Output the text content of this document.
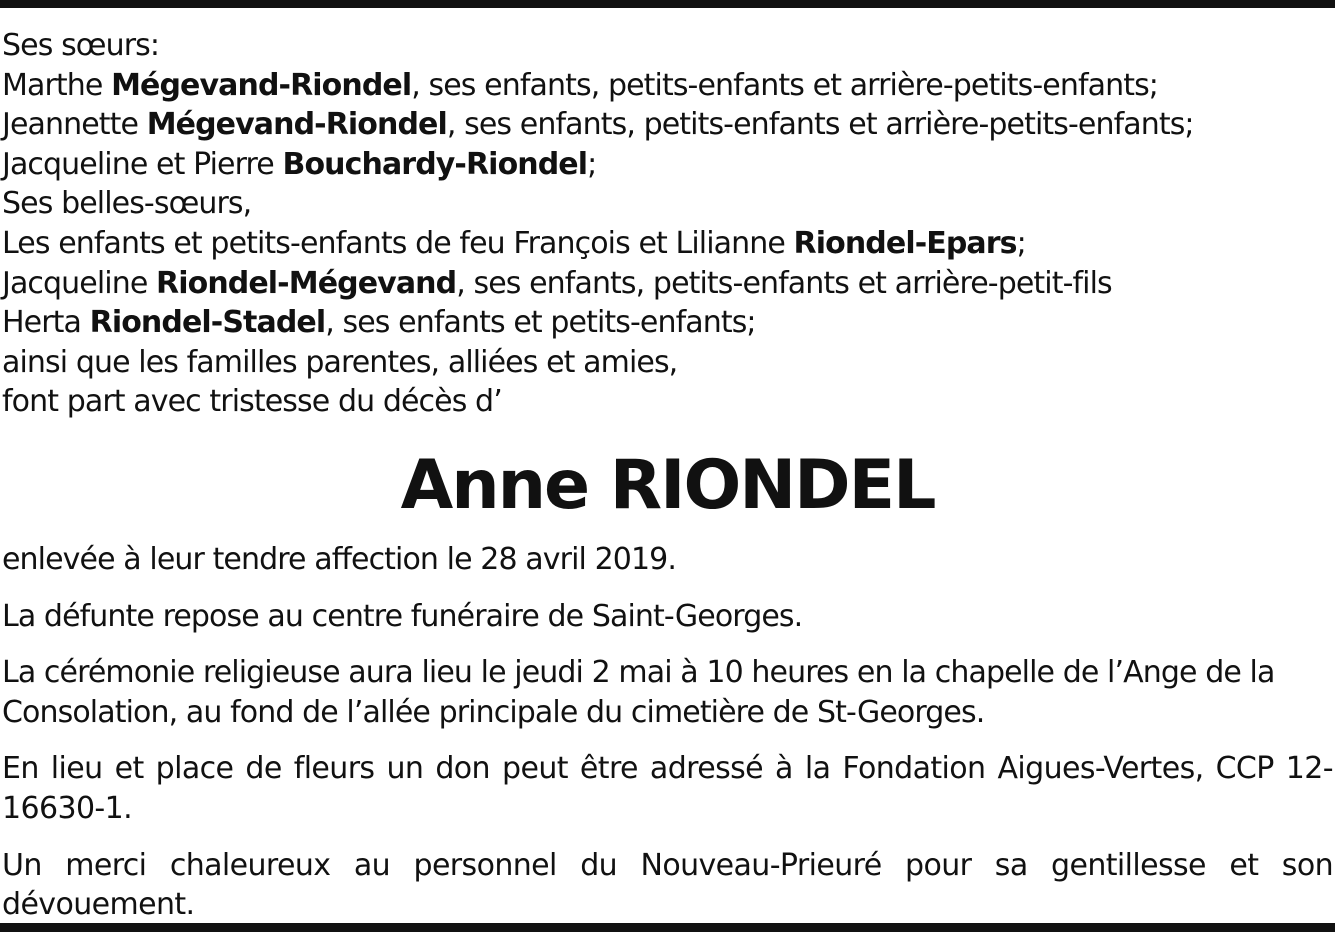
Ses sœurs:
Marthe Mégevand-Riondel, ses enfants, petits-enfants et arrière-petits-enfants;
Jeannette Mégevand-Riondel, ses enfants, petits-enfants et arrière-petits-enfants;
Jacqueline et Pierre Bouchardy-Riondel;
Ses belles-sœurs,
Les enfants et petits-enfants de feu François et Lilianne Riondel-Epars;
Jacqueline Riondel-Mégevand, ses enfants, petits-enfants et arrière-petit-fils
Herta Riondel-Stadel, ses enfants et petits-enfants;
ainsi que les familles parentes, alliées et amies,
font part avec tristesse du décès d’
Anne RIONDEL
enlevée à leur tendre affection le 28 avril 2019.
La défunte repose au centre funéraire de Saint-Georges.
La cérémonie religieuse aura lieu le jeudi 2 mai à 10 heures en la chapelle de l’Ange de la Consolation, au fond de l’allée principale du cimetière de St-Georges.
En lieu et place de fleurs un don peut être adressé à la Fondation Aigues-Vertes, CCP 12-16630-1.
Un merci chaleureux au personnel du Nouveau-Prieuré pour sa gentillesse et son dévouement.
